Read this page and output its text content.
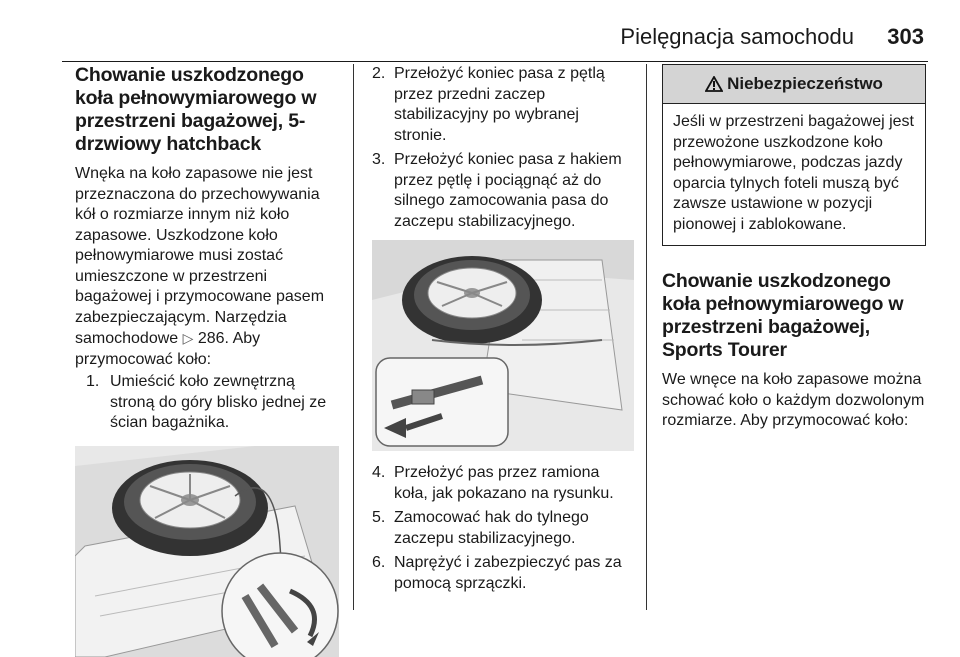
Pielęgnacja samochodu 303
Chowanie uszkodzonego koła pełnowymiarowego w przestrzeni bagażowej, 5-drzwiowy hatchback

Wnęka na koło zapasowe nie jest przeznaczona do przechowywania kół o rozmiarze innym niż koło zapasowe. Uszkodzone koło pełnowymiarowe musi zostać umieszczone w przestrzeni bagażowej i przymocowane pasem zabezpieczającym. Narzędzia samochodowe ▷ 286. Aby przymocować koło:

1. Umieścić koło zewnętrzną stroną do góry blisko jednej ze ścian bagażnika.
2. Przełożyć koniec pasa z pętlą przez przedni zaczep stabilizacyjny po wybranej stronie.
3. Przełożyć koniec pasa z hakiem przez pętlę i pociągnąć aż do silnego zamocowania pasa do zaczepu stabilizacyjnego.
4. Przełożyć pas przez ramiona koła, jak pokazano na rysunku.
5. Zamocować hak do tylnego zaczepu stabilizacyjnego.
6. Naprężyć i zabezpieczyć pas za pomocą sprzączki.
Niebezpieczeństwo
Jeśli w przestrzeni bagażowej jest przewożone uszkodzone koło pełnowymiarowe, podczas jazdy oparcia tylnych foteli muszą być zawsze ustawione w pozycji pionowej i zablokowane.
Chowanie uszkodzonego koła pełnowymiarowego w przestrzeni bagażowej, Sports Tourer

We wnęce na koło zapasowe można schować koło o każdym dozwolonym rozmiarze. Aby przymocować koło:
